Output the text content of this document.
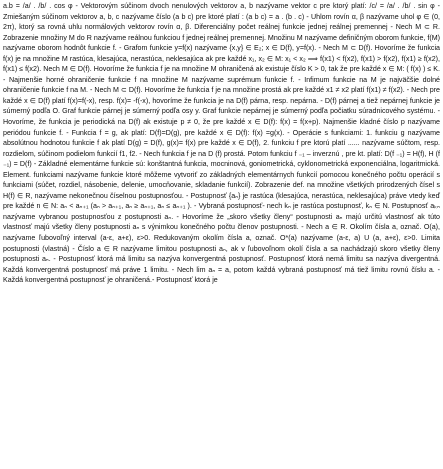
a.b = /a/ . /b/ . cos φ - Vektorovým súčinom dvoch nenulových vektorov a, b nazývame vektor c pre ktorý platí: /c/ = /a/ . /b/ . sin φ - Zmiešaným súčinom vektorov a, b, c nazývame číslo (a b c) pre ktoré platí : (a b c) = a . (b . c) - Uhlom rovín α, β nazývame uhol φ ∈ (0, 2π), ktorý sa rovná uhlu normálových vektorov rovín α, β. Diferenciálny počet reálnej funkcie jednej reálnej premennej - Nech M ⊂ R. Zobrazenie množiny M do R nazývame reálnou funkciou f jednej reálnej premennej. Množinu M nazývame definičným oborom funkcie, f(M) nazývame oborom hodnôt funkcie f. - Grafom funkcie y=f(x) nazývame {x,y} ∈ E₂; x ∈ D(f), y=f(x). - Nech M ⊂ D(f). Hovoríme že funkcia f(x) je na množine M rastúca, klesajúca, nerastúca, neklesajúca ak pre každé x₁, x₂ ∈ M: x₁ < x₂ ⟹ f(x1) < f(x2), f(x1) > f(x2), f(x1) ≥ f(x2), f(x1) ≤ f(x2). Nech M ∈ D(f). Hovoríme že funkcia f je na množine M ohraničená ak existuje číslo K > 0, tak že pre každé x ∈ M: ( f(x) ) ≤ K. - Najmenšie horné ohraničenie funkcie f na množine M nazývame suprémum funkcie f. - Infimum funkcie na M je najväčšie dolné ohraničenie funkcie f na M. - Nech M ⊂ D(f). Hovoríme že funkcia f je na množine prostá ak pre každé x1 ≠ x2 platí f(x1) ≠ f(x2). - Nech pre každé x ∈ D(f) platí f(x)=f(-x), resp. f(x)= -f(-x), hovoríme že funkcia je na D(f) párna, resp. nepárna. - D(f) párnej a tiež nepárnej funkcie je súmerný podľa O. Graf funkcie párnej je súmerný podľa osy y. Graf funkcie nepárnej je súmerný podľa počiatku súradnicového systému. - Hovoríme, že funkcia je periodická na D(f) ak existuje p ≠ 0, že pre každé x ∈ D(f): f(x) = f(x+p). Najmenšie kladné číslo p nazývame periódou funkcie f. - Funkcia f = g, ak platí: D(f)=D(g), pre každé x ∈ D(f): f(x) =g(x). - Operácie s funkciami: 1. funkciu g nazývame absolútnou hodnotou funkcie f ak platí D(g) = D(f), g(x)= f(x) pre každé x ∈ D(f), 2. funkciu f pre ktorú platí ...... nazývame súčtom, resp. rozdielom, súčinom podielom funkcií f1, f2. - Nech funkcia f je na D (f) prostá. Potom funkciu f ₋₁ – inverznú , pre kt. platí: D(f ₋₁) = H(f), H (f ₋₁) = D(f) - Základné elementárne funkcie sú: konštantná funkcia, mocninová, goniometrická, cyklonometrická exponenciálna, logaritmická. Element. funkciami nazývame funkcie ktoré môžeme vytvoriť zo základných elementárnych funkcií pomocou konečného počtu operácií s funkciami (súčet, rozdiel, násobenie, delenie, umocňovanie, skladanie funkcií). Zobrazenie def. na množine všetkých prirodzených čísel s H(f) ∈ R, nazývame nekonečnou číselnou postupnosťou. - Postupnosť {aₙ} je rastúca (klesajúca, nerastúca, neklesajúca) práve vtedy keď pre každé n ∈ N: aₙ < aₙ₊₁ (aₙ > aₙ₊₁, aₙ ≥ aₙ₊₁, aₙ ≤ aₙ₊₁ ). - Vybraná postupnosť- nech kₙ je rastúca postupnosť, kₙ ∈ N. Postupnosť aₖₙ nazývame vybranou postupnosťou z postupnosti aₙ. - Hovoríme že „skoro všetky členy“ postupnosti aₙ majú určitú vlastnosť ak túto vlastnosť majú všetky členy postupnosti aₙ s výnimkou konečného počtu členov postupnosti. - Nech a ∈ R. Okolím čísla a, označ. O(a), nazývame ľubovoľný interval (a-ε, a+ε), ε>0. Redukovaným okolím čísla a, označ. O*(a) nazývame (a-ε, a) U (a, a+ε), ε>0. Limita postupnosti (vlastná) - Číslo a ∈ R nazývame limitou postupnosti aₙ, ak v ľubovoľnom okolí čísla a sa nachádzajú skoro všetky členy postupnosti aₙ. - Postupnosť ktorá má limitu sa nazýva konvergentná postupnosť. Postupnosť ktorá nemá limitu sa nazýva divergentná. Každá konvergentná postupnosť má práve 1 limitu. - Nech lim aₙ = a, potom každá vybraná postupnosť má tiež limitu rovnú číslu a. - Každá konvergentná postupnosť je ohraničená.- Postupnosť ktorá je
